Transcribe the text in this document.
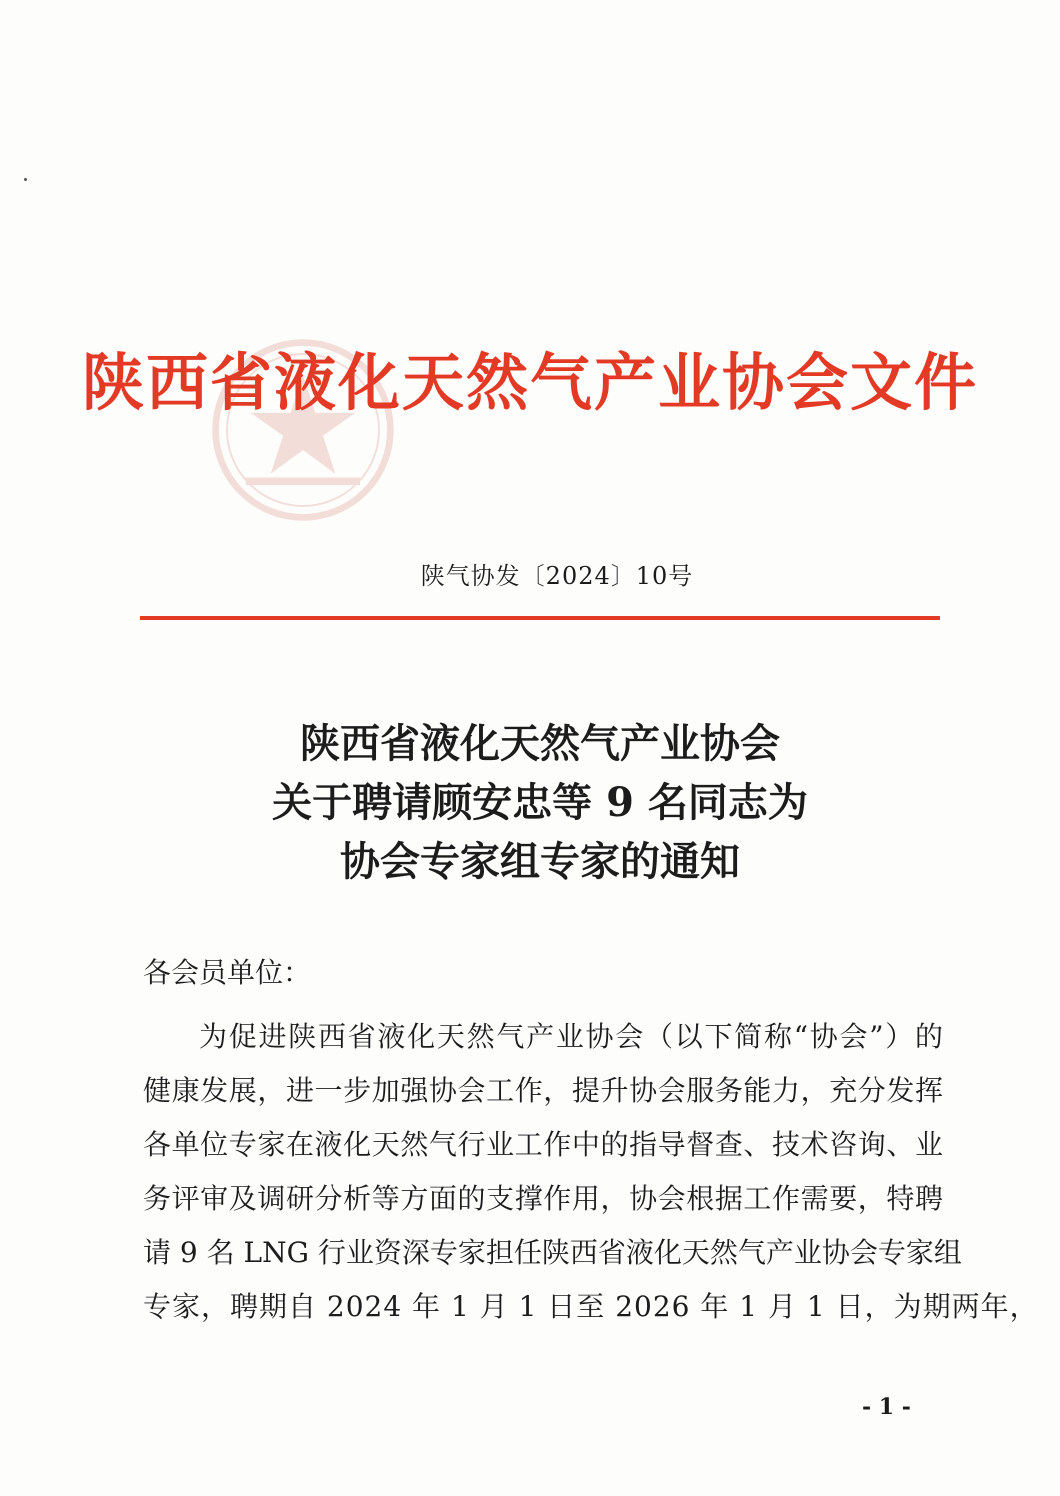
陕西省液化天然气产业协会文件
陕气协发〔2024〕10号
陕西省液化天然气产业协会
关于聘请顾安忠等 9 名同志为
协会专家组专家的通知
各会员单位：
为促进陕西省液化天然气产业协会（以下简称“协会”）的
健康发展，进一步加强协会工作，提升协会服务能力，充分发挥
各单位专家在液化天然气行业工作中的指导督查、技术咨询、业
务评审及调研分析等方面的支撑作用，协会根据工作需要，特聘
请 9 名 LNG 行业资深专家担任陕西省液化天然气产业协会专家组
专家，聘期自 2024 年 1 月 1 日至 2026 年 1 月 1 日，为期两年，
- 1 -
